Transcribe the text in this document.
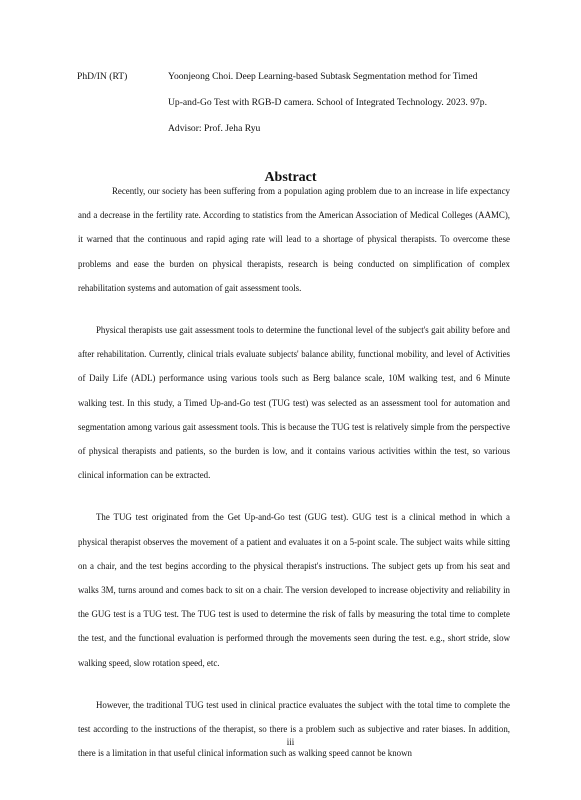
PhD/IN (RT)	Yoonjeong Choi. Deep Learning-based Subtask Segmentation method for Timed
Up-and-Go Test with RGB-D camera. School of Integrated Technology. 2023. 97p.
Advisor: Prof. Jeha Ryu
Abstract

Recently, our society has been suffering from a population aging problem due to an increase in life expectancy and a decrease in the fertility rate. According to statistics from the American Association of Medical Colleges (AAMC), it warned that the continuous and rapid aging rate will lead to a shortage of physical therapists. To overcome these problems and ease the burden on physical therapists, research is being conducted on simplification of complex rehabilitation systems and automation of gait assessment tools.

Physical therapists use gait assessment tools to determine the functional level of the subject's gait ability before and after rehabilitation. Currently, clinical trials evaluate subjects' balance ability, functional mobility, and level of Activities of Daily Life (ADL) performance using various tools such as Berg balance scale, 10M walking test, and 6 Minute walking test. In this study, a Timed Up-and-Go test (TUG test) was selected as an assessment tool for automation and segmentation among various gait assessment tools. This is because the TUG test is relatively simple from the perspective of physical therapists and patients, so the burden is low, and it contains various activities within the test, so various clinical information can be extracted.

The TUG test originated from the Get Up-and-Go test (GUG test). GUG test is a clinical method in which a physical therapist observes the movement of a patient and evaluates it on a 5-point scale. The subject waits while sitting on a chair, and the test begins according to the physical therapist's instructions. The subject gets up from his seat and walks 3M, turns around and comes back to sit on a chair. The version developed to increase objectivity and reliability in the GUG test is a TUG test. The TUG test is used to determine the risk of falls by measuring the total time to complete the test, and the functional evaluation is performed through the movements seen during the test. e.g., short stride, slow walking speed, slow rotation speed, etc.

However, the traditional TUG test used in clinical practice evaluates the subject with the total time to complete the test according to the instructions of the therapist, so there is a problem such as subjective and rater biases. In addition, there is a limitation in that useful clinical information such as walking speed cannot be known

iii
